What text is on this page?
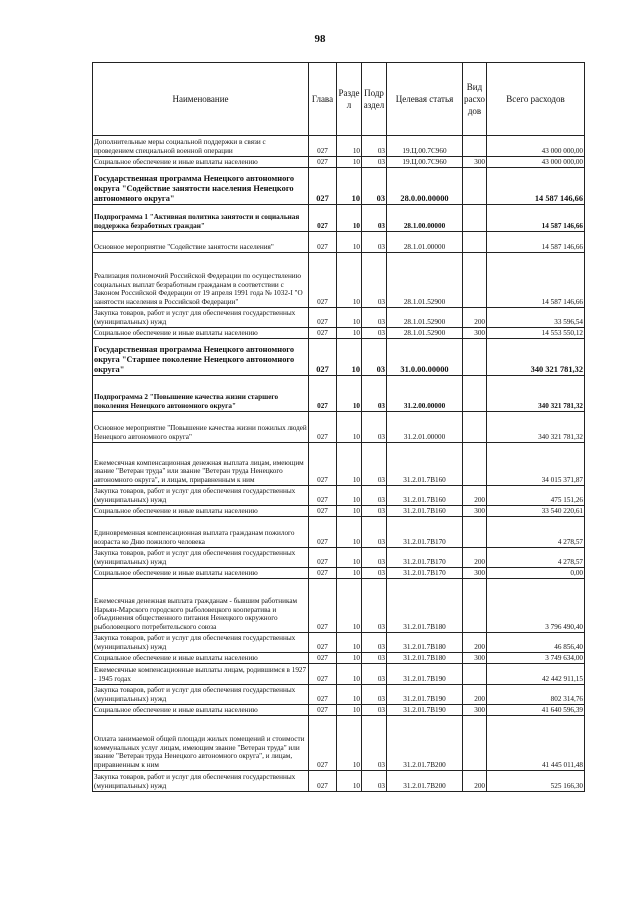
98
Наименование	Глава	Разде л	Подр аздел	Целевая статья	Вид расхо дов	Всего расходов
Дополнительные меры социальной поддержки в связи с проведением специальной военной операции	027	10	03	19.Ц.00.7С960		43 000 000,00
Социальное обеспечение и иные выплаты населению	027	10	03	19.Ц.00.7С960	300	43 000 000,00
Государственная программа Ненецкого автономного округа "Содействие занятости населения Ненецкого автономного округа"	027	10	03	28.0.00.00000		14 587 146,66
Подпрограмма 1 "Активная политика занятости и социальная поддержка безработных граждан"	027	10	03	28.1.00.00000		14 587 146,66
Основное мероприятие "Содействие занятости населения"	027	10	03	28.1.01.00000		14 587 146,66
Реализация полномочий Российской Федерации по осуществлению социальных выплат безработным гражданам в соответствии с Законом Российской Федерации от 19 апреля 1991 года № 1032-I "О занятости населения в Российской Федерации"	027	10	03	28.1.01.52900		14 587 146,66
Закупка товаров, работ и услуг для обеспечения государственных (муниципальных) нужд	027	10	03	28.1.01.52900	200	33 596,54
Социальное обеспечение и иные выплаты населению	027	10	03	28.1.01.52900	300	14 553 550,12
Государственная программа Ненецкого автономного округа "Старшее поколение Ненецкого автономного округа"	027	10	03	31.0.00.00000		340 321 781,32
Подпрограмма 2 "Повышение качества жизни старшего поколения Ненецкого автономного округа"	027	10	03	31.2.00.00000		340 321 781,32
Основное мероприятие "Повышение качества жизни пожилых людей Ненецкого автономного округа"	027	10	03	31.2.01.00000		340 321 781,32
Ежемесячная компенсационная денежная выплата лицам, имеющим звание "Ветеран труда" или звание "Ветеран труда Ненецкого автономного округа", и лицам, приравненным к ним	027	10	03	31.2.01.7В160		34 015 371,87
Закупка товаров, работ и услуг для обеспечения государственных (муниципальных) нужд	027	10	03	31.2.01.7В160	200	475 151,26
Социальное обеспечение и иные выплаты населению	027	10	03	31.2.01.7В160	300	33 540 220,61
Единовременная компенсационная выплата гражданам пожилого возраста ко Дню пожилого человека	027	10	03	31.2.01.7В170		4 278,57
Закупка товаров, работ и услуг для обеспечения государственных (муниципальных) нужд	027	10	03	31.2.01.7В170	200	4 278,57
Социальное обеспечение и иные выплаты населению	027	10	03	31.2.01.7В170	300	0,00
Ежемесячная денежная выплата гражданам - бывшим работникам Нарьян-Марского городского рыболовецкого кооператива и объединения общественного питания Ненецкого окружного рыболовецкого потребительского союза	027	10	03	31.2.01.7В180		3 796 490,40
Закупка товаров, работ и услуг для обеспечения государственных (муниципальных) нужд	027	10	03	31.2.01.7В180	200	46 856,40
Социальное обеспечение и иные выплаты населению	027	10	03	31.2.01.7В180	300	3 749 634,00
Ежемесячные компенсационные выплаты лицам, родившимся в 1927 - 1945 годах	027	10	03	31.2.01.7В190		42 442 911,15
Закупка товаров, работ и услуг для обеспечения государственных (муниципальных) нужд	027	10	03	31.2.01.7В190	200	802 314,76
Социальное обеспечение и иные выплаты населению	027	10	03	31.2.01.7В190	300	41 640 596,39
Оплата занимаемой общей площади жилых помещений и стоимости коммунальных услуг лицам, имеющим звание "Ветеран труда" или звание "Ветеран труда Ненецкого автономного округа", и лицам, приравненным к ним	027	10	03	31.2.01.7В200		41 445 011,48
Закупка товаров, работ и услуг для обеспечения государственных (муниципальных) нужд	027	10	03	31.2.01.7В200	200	525 166,30
